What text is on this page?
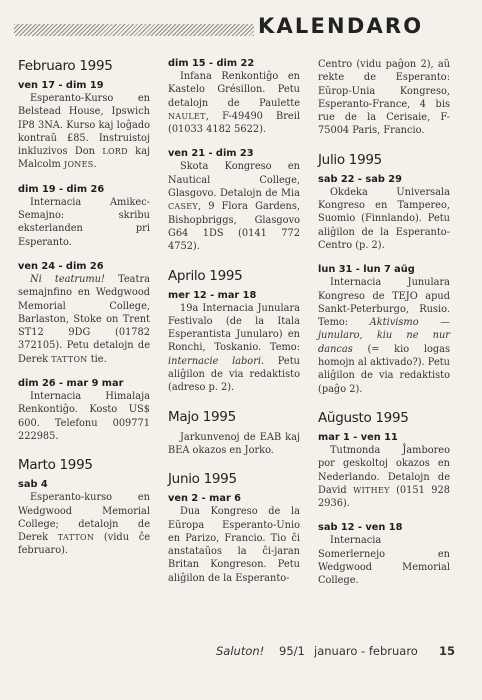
KALENDARO
Februaro 1995
ven 17 - dim 19

Esperanto-Kurso en Belstead House, Ipswich IP8 3NA. Kurso kaj loĝado kontraŭ £85. Instruistoj inkluzivos Don LORD kaj Malcolm JONES.

dim 19 - dim 26

Internacia Amikec-Semajno: skribu eksterlanden pri Esperanto.

ven 24 - dim 26

Ni teatrumu! Teatra semajnfino en Wedgwood Memorial College, Barlaston, Stoke on Trent ST12 9DG (01782 372105). Petu detalojn de Derek TATTON tie.

dim 26 - mar 9 mar

Internacia Himalaja Renkontiĝo. Kosto US$ 600. Telefonu 009771 222985.

Marto 1995
sab 4

Esperanto-kurso en Wedgwood Memorial College; detalojn de Derek TATTON (vidu ĉe februaro).

dim 15 - dim 22

Infana Renkontiĝo en Kastelo Grésillon. Petu detalojn de Paulette NAULET, F-49490 Breil (01033 4182 5622).

ven 21 - dim 23

Skota Kongreso en Nautical College, Glasgovo. Detalojn de Mia CASEY, 9 Flora Gardens, Bishopbriggs, Glasgovo G64 1DS (0141 772 4752).

Aprilo 1995
mer 12 - mar 18

19a Internacia Junulara Festivalo (de la Itala Esperantista Junularo) en Ronchi, Toskanio. Temo: internacie labori. Petu aliĝilon de via redaktisto (adreso p. 2).

Majo 1995

Jarkunvenoj de EAB kaj BEA okazos en Jorko.

Junio 1995
ven 2 - mar 6

Dua Kongreso de la Eŭropa Esperanto-Unio en Parizo, Francio. Tio ĉi anstataŭos la ĉi-jaran Britan Kongreson. Petu aliĝilon de la Esperanto-

Centro (vidu paĝon 2), aŭ rekte de Esperanto: Eŭrop-Unia Kongreso, Esperanto-France, 4 bis rue de la Cerisaie, F-75004 Paris, Francio.

Julio 1995
sab 22 - sab 29

Okdeka Universala Kongreso en Tampereo, Suomio (Finnlando). Petu aliĝilon de la Esperanto-Centro (p. 2).

lun 31 - lun 7 aŭg

Internacia Junulara Kongreso de TEJO apud Sankt-Peterburgo, Rusio. Temo: Aktivismo — junularo, kiu ne nur dancas (= kio logas homojn al aktivado?). Petu aliĝilon de via redaktisto (paĝo 2).

Aŭgusto 1995
mar 1 - ven 11

Tutmonda Ĵamboreo por geskoltoj okazos en Nederlando. Detalojn de David WITHEY (0151 928 2936).

sab 12 - ven 18

Internacia Somerlernejo en Wedgwood Memorial College.

Saluton! 95/1 januaro - februaro 15
